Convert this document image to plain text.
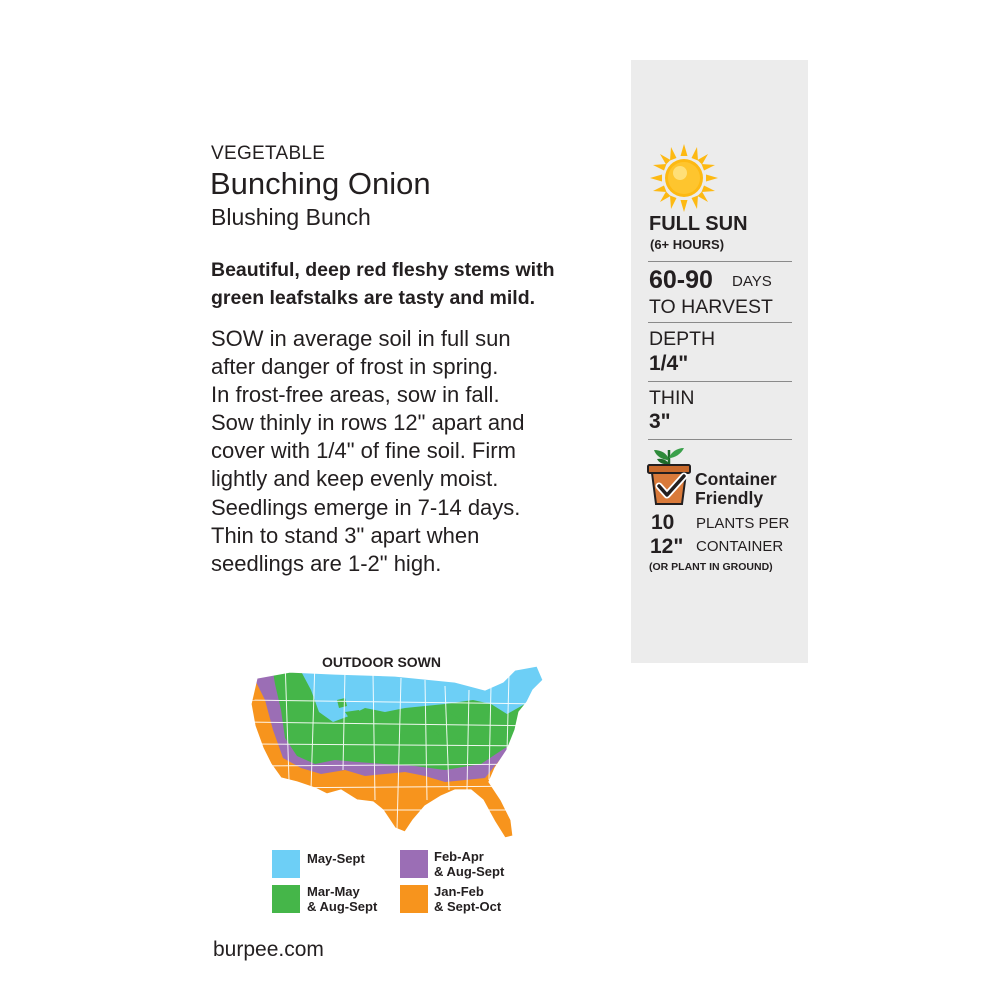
VEGETABLE
Bunching Onion
Blushing Bunch
Beautiful, deep red fleshy stems with
green leafstalks are tasty and mild.
SOW in average soil in full sun
after danger of frost in spring.
In frost-free areas, sow in fall.
Sow thinly in rows 12" apart and
cover with 1/4" of fine soil. Firm
lightly and keep evenly moist.
Seedlings emerge in 7-14 days.
Thin to stand 3" apart when
seedlings are 1-2" high.
FULL SUN
(6+ HOURS)
60-90 DAYS
TO HARVEST
DEPTH
1/4"
THIN
3"
Container
Friendly
10 PLANTS PER
12" CONTAINER
(OR PLANT IN GROUND)
OUTDOOR SOWN
May-Sept	Feb-Apr
& Aug-Sept
Mar-May
& Aug-Sept
Jan-Feb
& Sept-Oct
burpee.com
